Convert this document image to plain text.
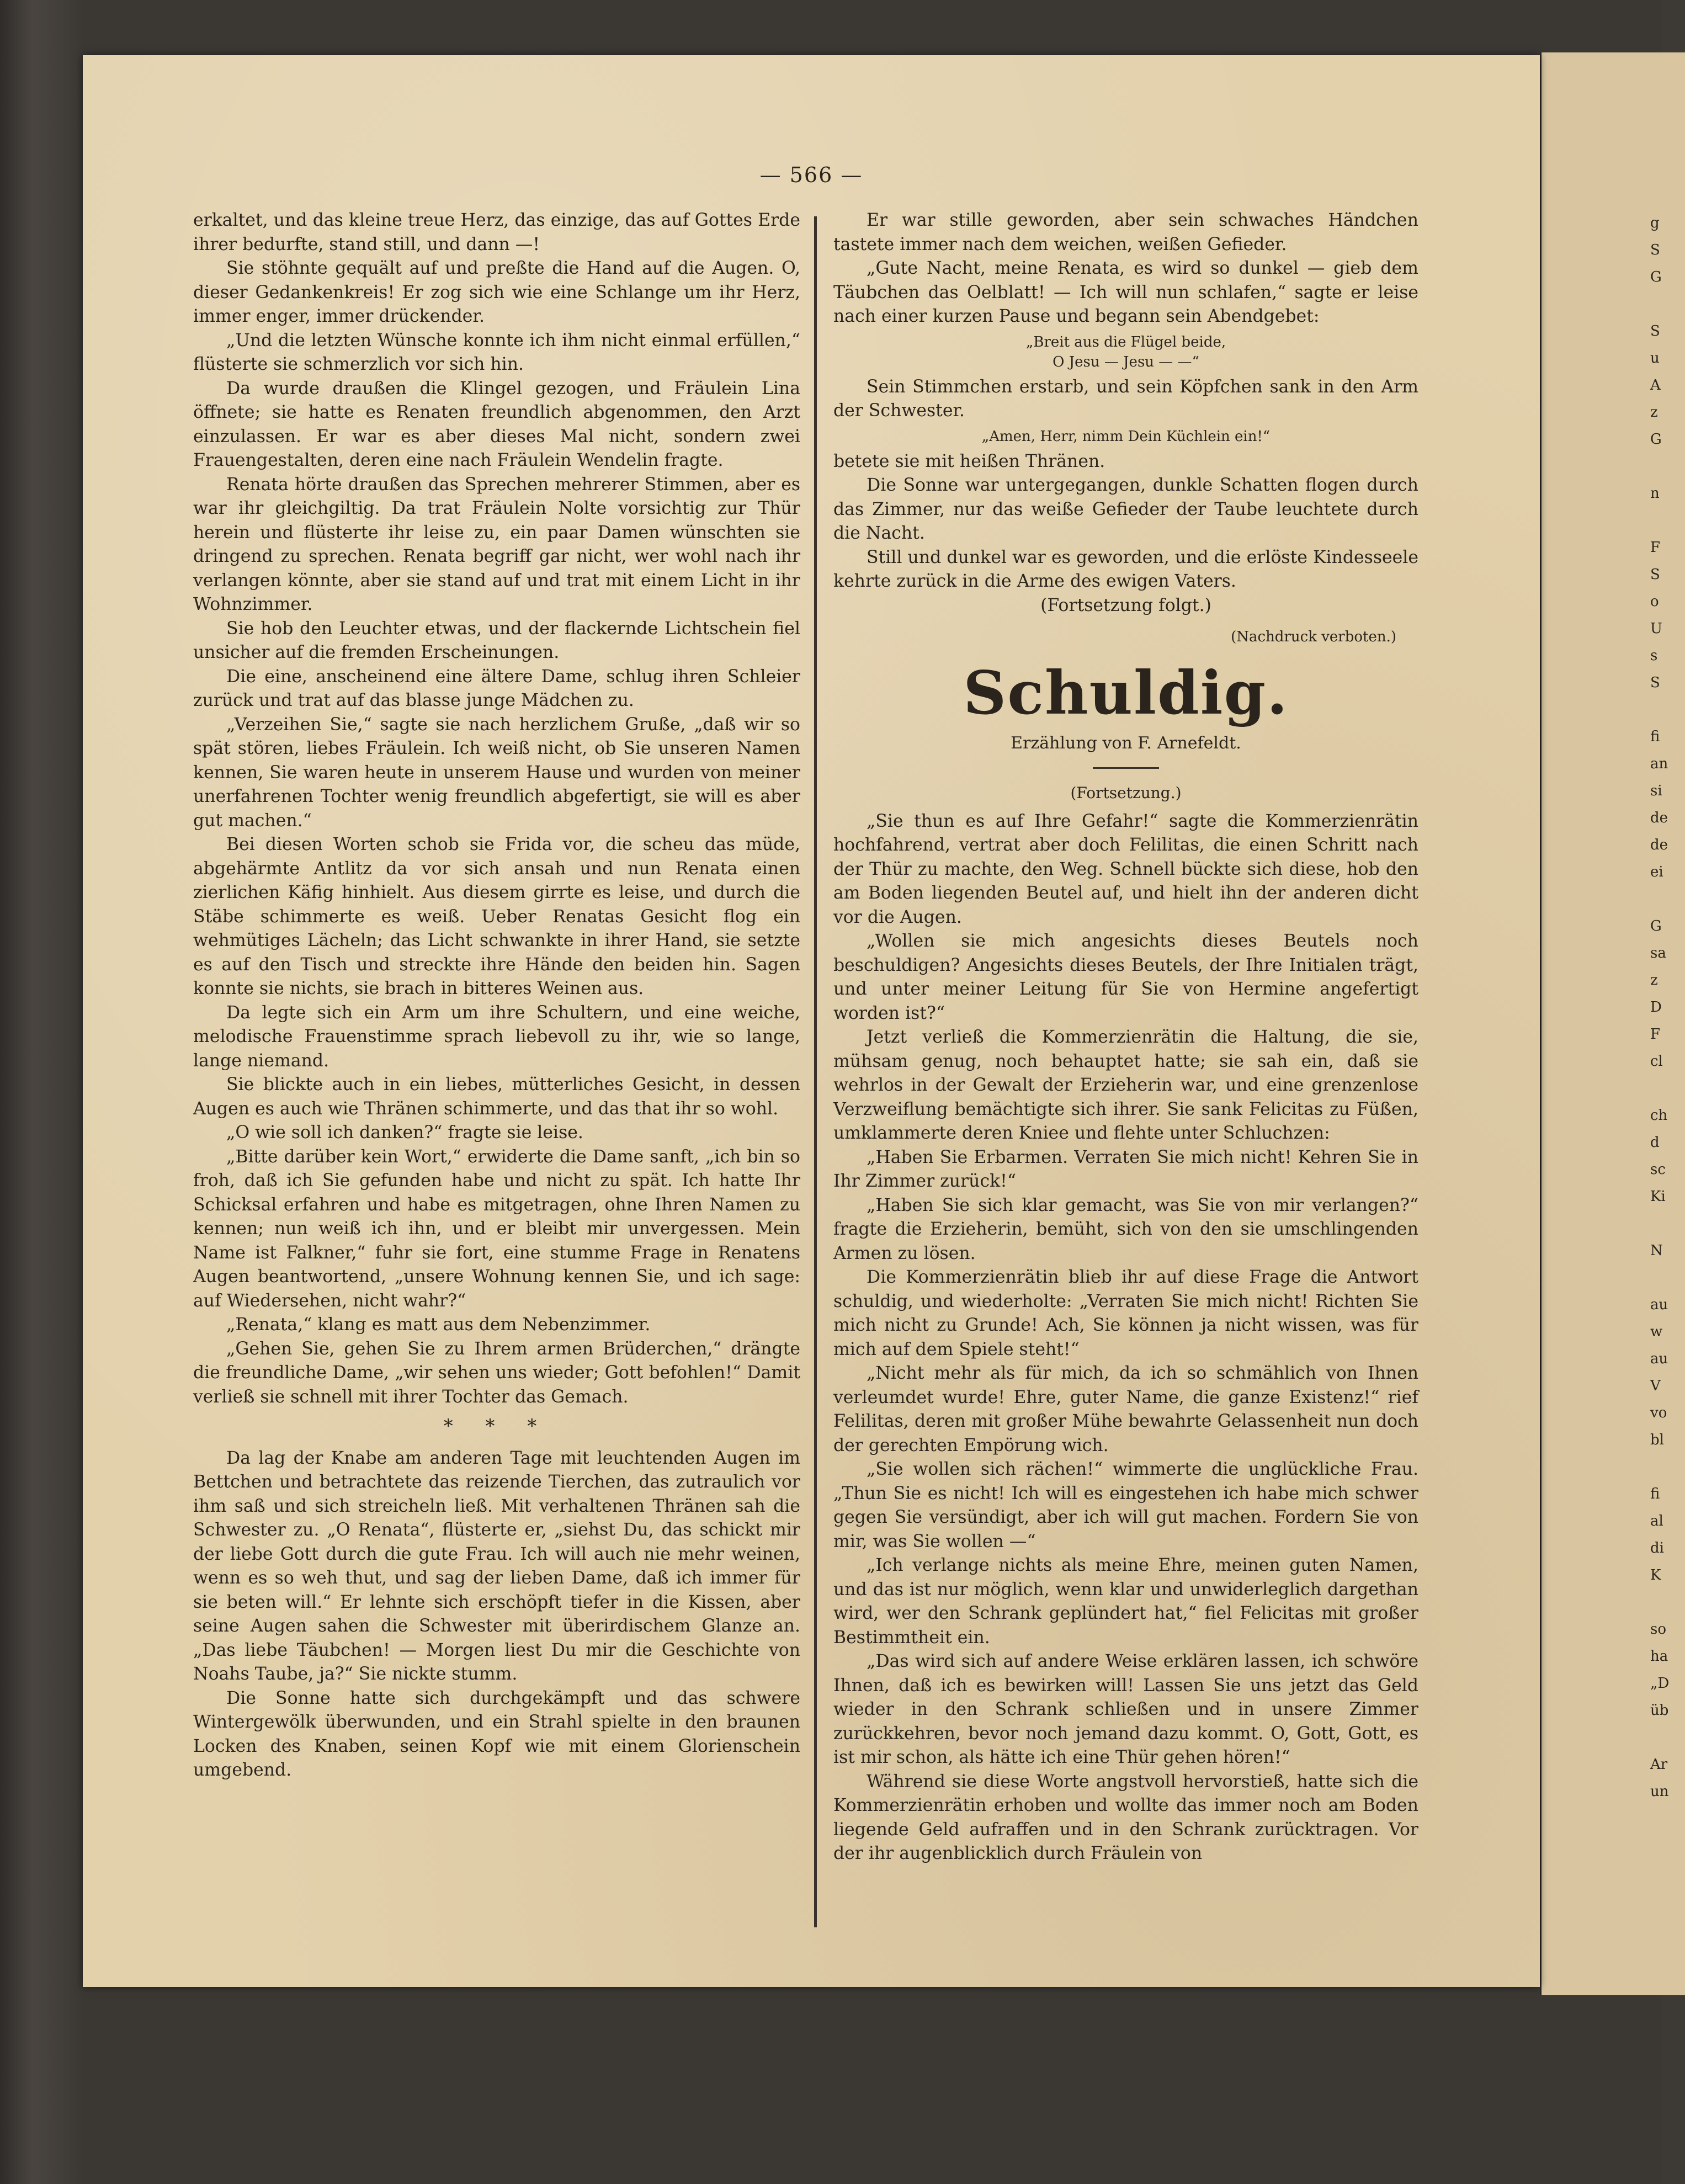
g
S
G

S
u
A
z
G

n

F
S
o
U
s
S

fi
an
si
de
de
ei

G
sa
z
D
F
cl

ch
d
sc
Ki

N

au
w
au
V
vo
bl

fi
al
di
K

so
ha
„D
üb

Ar
un
— 566 —

erkaltet, und das kleine treue Herz, das einzige, das auf Gottes Erde ihrer bedurfte, stand still, und dann —!

Sie stöhnte gequält auf und preßte die Hand auf die Augen. O, dieser Gedankenkreis! Er zog sich wie eine Schlange um ihr Herz, immer enger, immer drückender.

„Und die letzten Wünsche konnte ich ihm nicht einmal erfüllen,“ flüsterte sie schmerzlich vor sich hin.

Da wurde draußen die Klingel gezogen, und Fräulein Lina öffnete; sie hatte es Renaten freundlich abgenommen, den Arzt einzulassen. Er war es aber dieses Mal nicht, sondern zwei Frauengestalten, deren eine nach Fräulein Wendelin fragte.

Renata hörte draußen das Sprechen mehrerer Stimmen, aber es war ihr gleichgiltig. Da trat Fräulein Nolte vorsichtig zur Thür herein und flüsterte ihr leise zu, ein paar Damen wünschten sie dringend zu sprechen. Renata begriff gar nicht, wer wohl nach ihr verlangen könnte, aber sie stand auf und trat mit einem Licht in ihr Wohnzimmer.

Sie hob den Leuchter etwas, und der flackernde Lichtschein fiel unsicher auf die fremden Erscheinungen.

Die eine, anscheinend eine ältere Dame, schlug ihren Schleier zurück und trat auf das blasse junge Mädchen zu.

„Verzeihen Sie,“ sagte sie nach herzlichem Gruße, „daß wir so spät stören, liebes Fräulein. Ich weiß nicht, ob Sie unseren Namen kennen, Sie waren heute in unserem Hause und wurden von meiner unerfahrenen Tochter wenig freundlich abgefertigt, sie will es aber gut machen.“

Bei diesen Worten schob sie Frida vor, die scheu das müde, abgehärmte Antlitz da vor sich ansah und nun Renata einen zierlichen Käfig hinhielt. Aus diesem girrte es leise, und durch die Stäbe schimmerte es weiß. Ueber Renatas Gesicht flog ein wehmütiges Lächeln; das Licht schwankte in ihrer Hand, sie setzte es auf den Tisch und streckte ihre Hände den beiden hin. Sagen konnte sie nichts, sie brach in bitteres Weinen aus.

Da legte sich ein Arm um ihre Schultern, und eine weiche, melodische Frauenstimme sprach liebevoll zu ihr, wie so lange, lange niemand.

Sie blickte auch in ein liebes, mütterliches Gesicht, in dessen Augen es auch wie Thränen schimmerte, und das that ihr so wohl.

„O wie soll ich danken?“ fragte sie leise.

„Bitte darüber kein Wort,“ erwiderte die Dame sanft, „ich bin so froh, daß ich Sie gefunden habe und nicht zu spät. Ich hatte Ihr Schicksal erfahren und habe es mitgetragen, ohne Ihren Namen zu kennen; nun weiß ich ihn, und er bleibt mir unvergessen. Mein Name ist Falkner,“ fuhr sie fort, eine stumme Frage in Renatens Augen beantwortend, „unsere Wohnung kennen Sie, und ich sage: auf Wiedersehen, nicht wahr?“

„Renata,“ klang es matt aus dem Nebenzimmer.

„Gehen Sie, gehen Sie zu Ihrem armen Brüderchen,“ drängte die freundliche Dame, „wir sehen uns wieder; Gott befohlen!“ Damit verließ sie schnell mit ihrer Tochter das Gemach.

* * *

Da lag der Knabe am anderen Tage mit leuchtenden Augen im Bettchen und betrachtete das reizende Tierchen, das zutraulich vor ihm saß und sich streicheln ließ. Mit verhaltenen Thränen sah die Schwester zu. „O Renata“, flüsterte er, „siehst Du, das schickt mir der liebe Gott durch die gute Frau. Ich will auch nie mehr weinen, wenn es so weh thut, und sag der lieben Dame, daß ich immer für sie beten will.“ Er lehnte sich erschöpft tiefer in die Kissen, aber seine Augen sahen die Schwester mit überirdischem Glanze an. „Das liebe Täubchen! — Morgen liest Du mir die Geschichte von Noahs Taube, ja?“ Sie nickte stumm.

Die Sonne hatte sich durchgekämpft und das schwere Wintergewölk überwunden, und ein Strahl spielte in den braunen Locken des Knaben, seinen Kopf wie mit einem Glorienschein umgebend.

Er war stille geworden, aber sein schwaches Händchen tastete immer nach dem weichen, weißen Gefieder.

„Gute Nacht, meine Renata, es wird so dunkel — gieb dem Täubchen das Oelblatt! — Ich will nun schlafen,“ sagte er leise nach einer kurzen Pause und begann sein Abendgebet:

„Breit aus die Flügel beide,
O Jesu — Jesu — —“

Sein Stimmchen erstarb, und sein Köpfchen sank in den Arm der Schwester.

„Amen, Herr, nimm Dein Küchlein ein!“

betete sie mit heißen Thränen.

Die Sonne war untergegangen, dunkle Schatten flogen durch das Zimmer, nur das weiße Gefieder der Taube leuchtete durch die Nacht.

Still und dunkel war es geworden, und die erlöste Kindesseele kehrte zurück in die Arme des ewigen Vaters.

(Fortsetzung folgt.)

(Nachdruck verboten.)

Schuldig.

Erzählung von F. Arnefeldt.

(Fortsetzung.)

„Sie thun es auf Ihre Gefahr!“ sagte die Kommerzienrätin hochfahrend, vertrat aber doch Felilitas, die einen Schritt nach der Thür zu machte, den Weg. Schnell bückte sich diese, hob den am Boden liegenden Beutel auf, und hielt ihn der anderen dicht vor die Augen.

„Wollen sie mich angesichts dieses Beutels noch beschuldigen? Angesichts dieses Beutels, der Ihre Initialen trägt, und unter meiner Leitung für Sie von Hermine angefertigt worden ist?“

Jetzt verließ die Kommerzienrätin die Haltung, die sie, mühsam genug, noch behauptet hatte; sie sah ein, daß sie wehrlos in der Gewalt der Erzieherin war, und eine grenzenlose Verzweiflung bemächtigte sich ihrer. Sie sank Felicitas zu Füßen, umklammerte deren Kniee und flehte unter Schluchzen:

„Haben Sie Erbarmen. Verraten Sie mich nicht! Kehren Sie in Ihr Zimmer zurück!“

„Haben Sie sich klar gemacht, was Sie von mir verlangen?“ fragte die Erzieherin, bemüht, sich von den sie umschlingenden Armen zu lösen.

Die Kommerzienrätin blieb ihr auf diese Frage die Antwort schuldig, und wiederholte: „Verraten Sie mich nicht! Richten Sie mich nicht zu Grunde! Ach, Sie können ja nicht wissen, was für mich auf dem Spiele steht!“

„Nicht mehr als für mich, da ich so schmählich von Ihnen verleumdet wurde! Ehre, guter Name, die ganze Existenz!“ rief Felilitas, deren mit großer Mühe bewahrte Gelassenheit nun doch der gerechten Empörung wich.

„Sie wollen sich rächen!“ wimmerte die unglückliche Frau. „Thun Sie es nicht! Ich will es eingestehen ich habe mich schwer gegen Sie versündigt, aber ich will gut machen. Fordern Sie von mir, was Sie wollen —“

„Ich verlange nichts als meine Ehre, meinen guten Namen, und das ist nur möglich, wenn klar und unwiderleglich dargethan wird, wer den Schrank geplündert hat,“ fiel Felicitas mit großer Bestimmtheit ein.

„Das wird sich auf andere Weise erklären lassen, ich schwöre Ihnen, daß ich es bewirken will! Lassen Sie uns jetzt das Geld wieder in den Schrank schließen und in unsere Zimmer zurückkehren, bevor noch jemand dazu kommt. O, Gott, Gott, es ist mir schon, als hätte ich eine Thür gehen hören!“

Während sie diese Worte angstvoll hervorstieß, hatte sich die Kommerzienrätin erhoben und wollte das immer noch am Boden liegende Geld aufraffen und in den Schrank zurücktragen. Vor der ihr augenblicklich durch Fräulein von
